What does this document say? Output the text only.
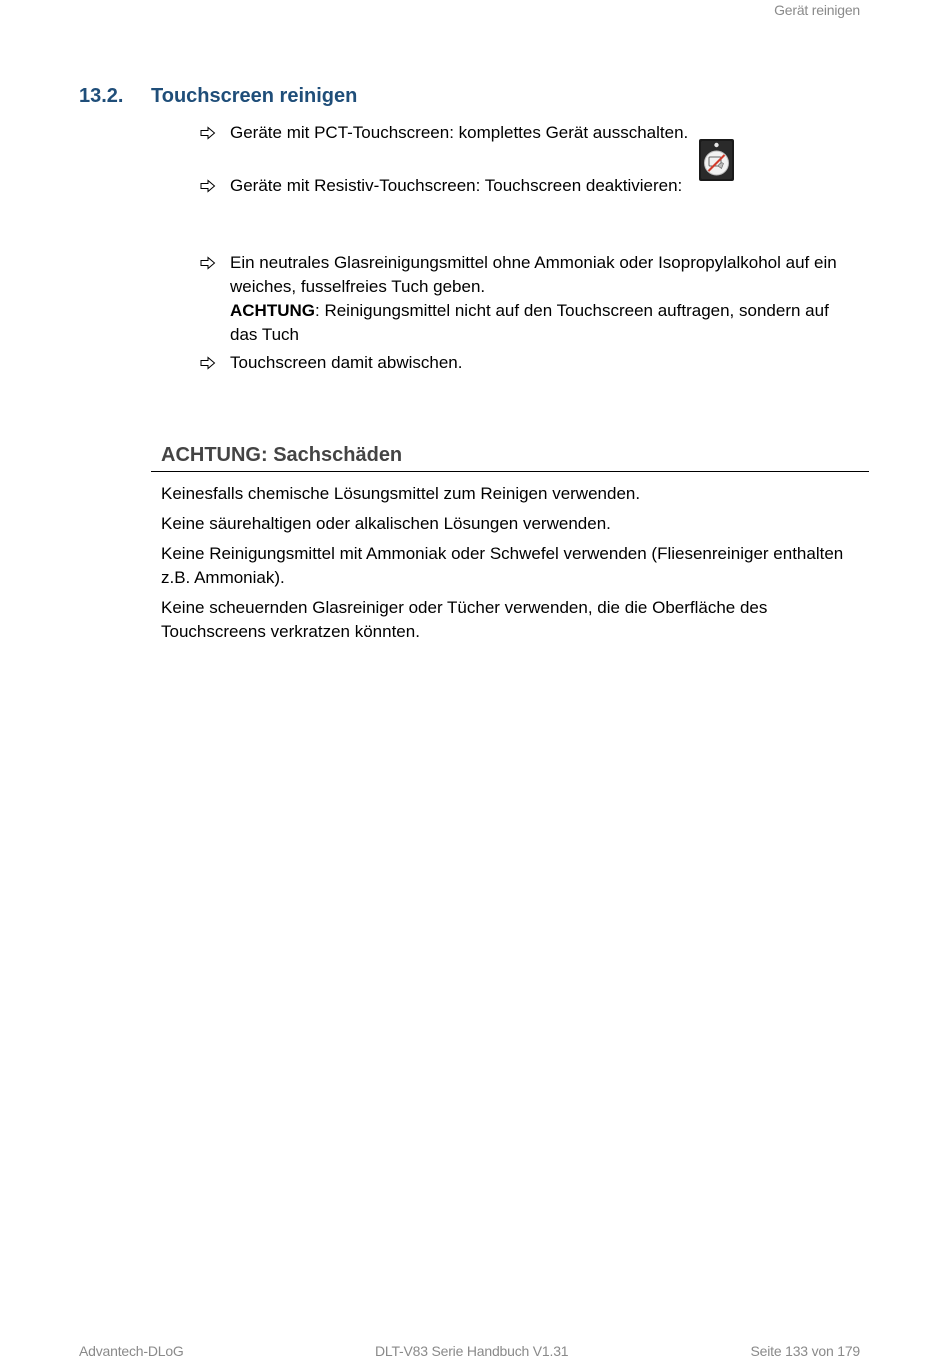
Gerät reinigen
13.2. Touchscreen reinigen
Geräte mit PCT-Touchscreen: komplettes Gerät ausschalten.
Geräte mit Resistiv-Touchscreen: Touchscreen deaktivieren:
Ein neutrales Glasreinigungsmittel ohne Ammoniak oder Isopropylalkohol auf ein weiches, fusselfreies Tuch geben.
ACHTUNG: Reinigungsmittel nicht auf den Touchscreen auftragen, sondern auf das Tuch
Touchscreen damit abwischen.
ACHTUNG: Sachschäden

Keinesfalls chemische Lösungsmittel zum Reinigen verwenden.

Keine säurehaltigen oder alkalischen Lösungen verwenden.

Keine Reinigungsmittel mit Ammoniak oder Schwefel verwenden (Fliesenreiniger enthalten z.B. Ammoniak).

Keine scheuernden Glasreiniger oder Tücher verwenden, die die Oberfläche des Touchscreens verkratzen könnten.

Advantech-DLoG	DLT-V83 Serie Handbuch V1.31	Seite 133 von 179
